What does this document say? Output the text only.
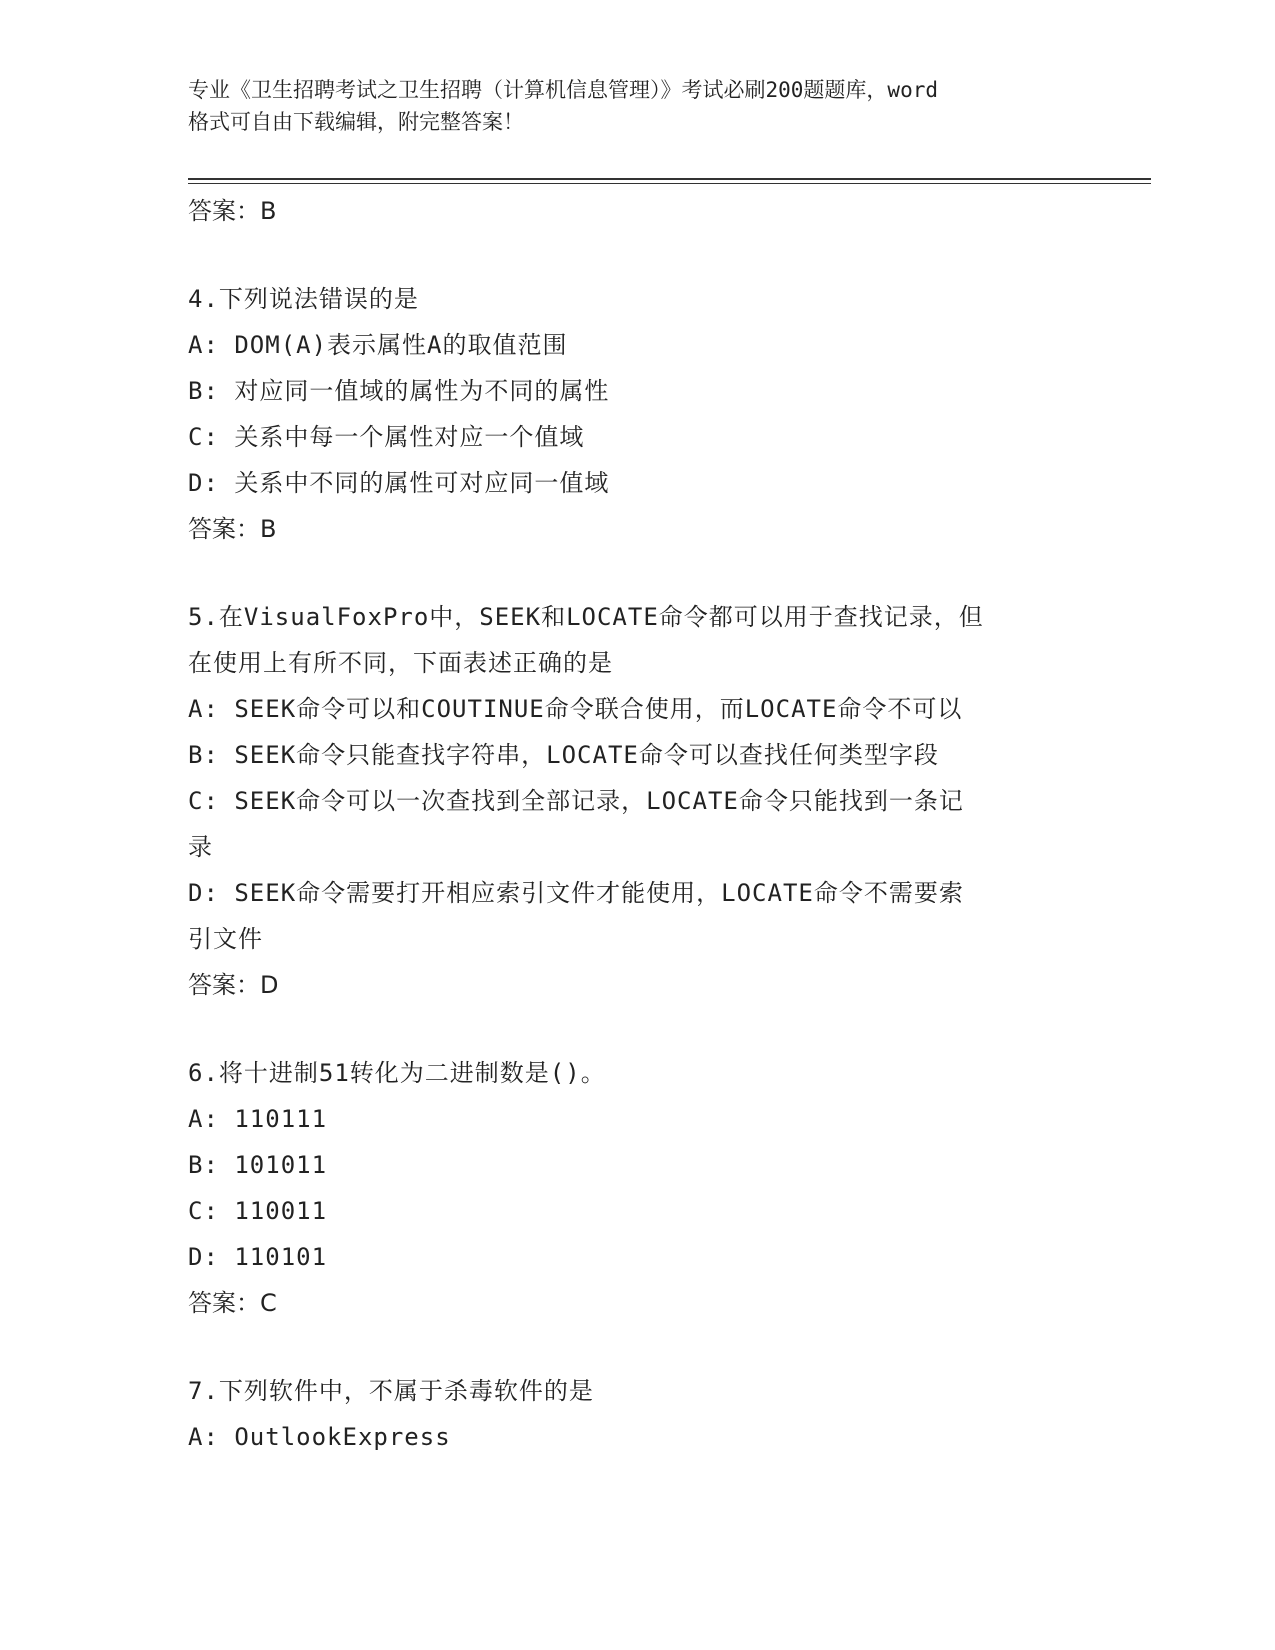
专业《卫生招聘考试之卫生招聘（计算机信息管理）》考试必刷200题题库，word
格式可自由下载编辑，附完整答案！
答案：B
4.下列说法错误的是
A: DOM(A)表示属性A的取值范围
B: 对应同一值域的属性为不同的属性
C: 关系中每一个属性对应一个值域
D: 关系中不同的属性可对应同一值域
答案：B
5.在VisualFoxPro中，SEEK和LOCATE命令都可以用于查找记录，但
在使用上有所不同，下面表述正确的是
A: SEEK命令可以和COUTINUE命令联合使用，而LOCATE命令不可以
B: SEEK命令只能查找字符串，LOCATE命令可以查找任何类型字段
C: SEEK命令可以一次查找到全部记录，LOCATE命令只能找到一条记
录
D: SEEK命令需要打开相应索引文件才能使用，LOCATE命令不需要索
引文件
答案：D
6.将十进制51转化为二进制数是()。
A: 110111
B: 101011
C: 110011
D: 110101
答案：C
7.下列软件中，不属于杀毒软件的是
A: OutlookExpress
